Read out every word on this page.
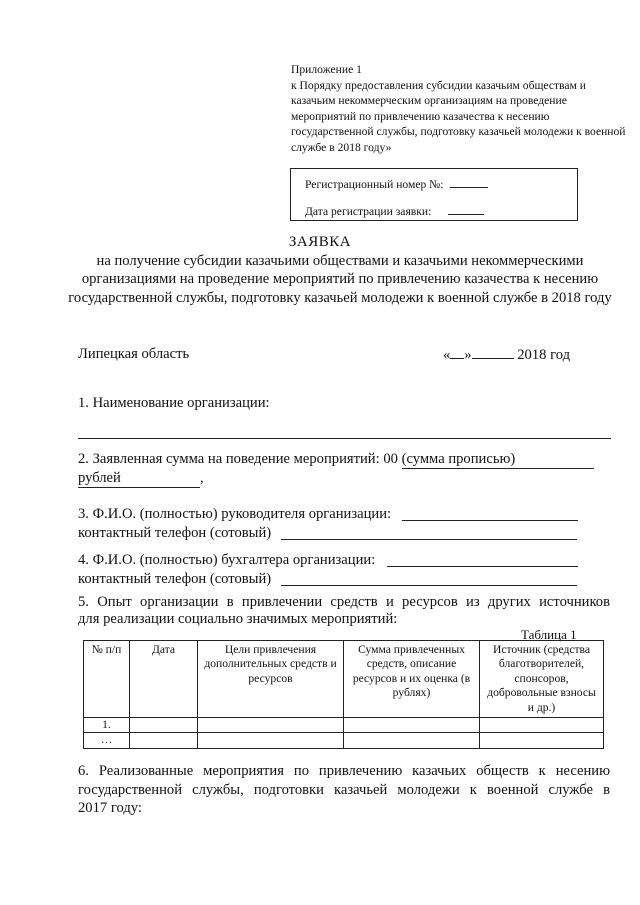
Приложение 1
к Порядку предоставления субсидии казачьим обществам и казачьим некоммерческим организациям на проведение мероприятий по привлечению казачества к несению государственной службы, подготовку казачьей молодежи к военной службе в 2018 году»
Регистрационный номер №:
Дата регистрации заявки:
ЗАЯВКА
на получение субсидии казачьими обществами и казачьими некоммерческими организациями на проведение мероприятий по привлечению казачества к несению государственной службы, подготовку казачьей молодежи к военной службе в 2018 году
Липецкая область	« »	2018 год
1. Наименование организации:
2. Заявленная сумма на поведение мероприятий: 00 (сумма прописью)
рублей	,
3. Ф.И.О. (полностью) руководителя организации:
контактный телефон (сотовый)
4. Ф.И.О. (полностью) бухгалтера организации:
контактный телефон (сотовый)
5. Опыт организации в привлечении средств и ресурсов из других источников
для реализации социально значимых мероприятий:
Таблица 1
№ п/п	Дата	Цели привлечения дополнительных средств и ресурсов	Сумма привлеченных средств, описание ресурсов и их оценка (в рублях)	Источник (средства благотворителей, спонсоров, добровольные взносы и др.)
1.				
…				
6. Реализованные мероприятия по привлечению казачьих обществ к несению
государственной службы, подготовки казачьей молодежи к военной службе в
2017 году:
